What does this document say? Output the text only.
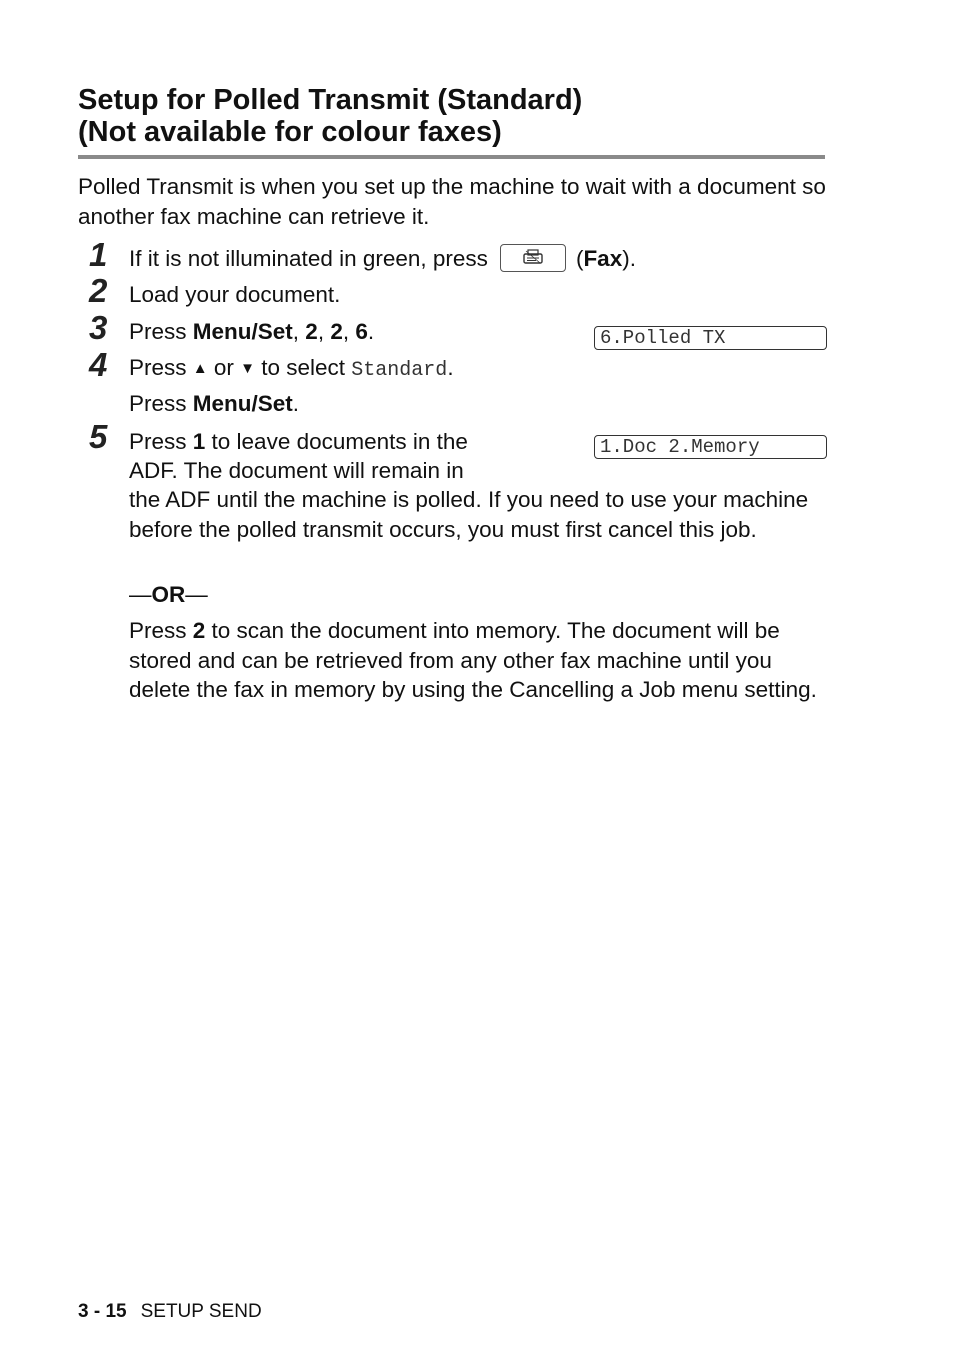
Setup for Polled Transmit (Standard)
(Not available for colour faxes)

Polled Transmit is when you set up the machine to wait with a document so another fax machine can retrieve it.

1 If it is not illuminated in green, press	(Fax).
2 Load your document.
3 Press Menu/Set, 2, 2, 6.	6.Polled TX
4 Press ▲ or ▼ to select Standard.
Press Menu/Set.
5 Press 1 to leave documents in the	1.Doc 2.Memory
ADF. The document will remain in

the ADF until the machine is polled. If you need to use your machine before the polled transmit occurs, you must first cancel this job.

—OR—

Press 2 to scan the document into memory. The document will be stored and can be retrieved from any other fax machine until you delete the fax in memory by using the Cancelling a Job menu setting.

3 - 15 SETUP SEND
